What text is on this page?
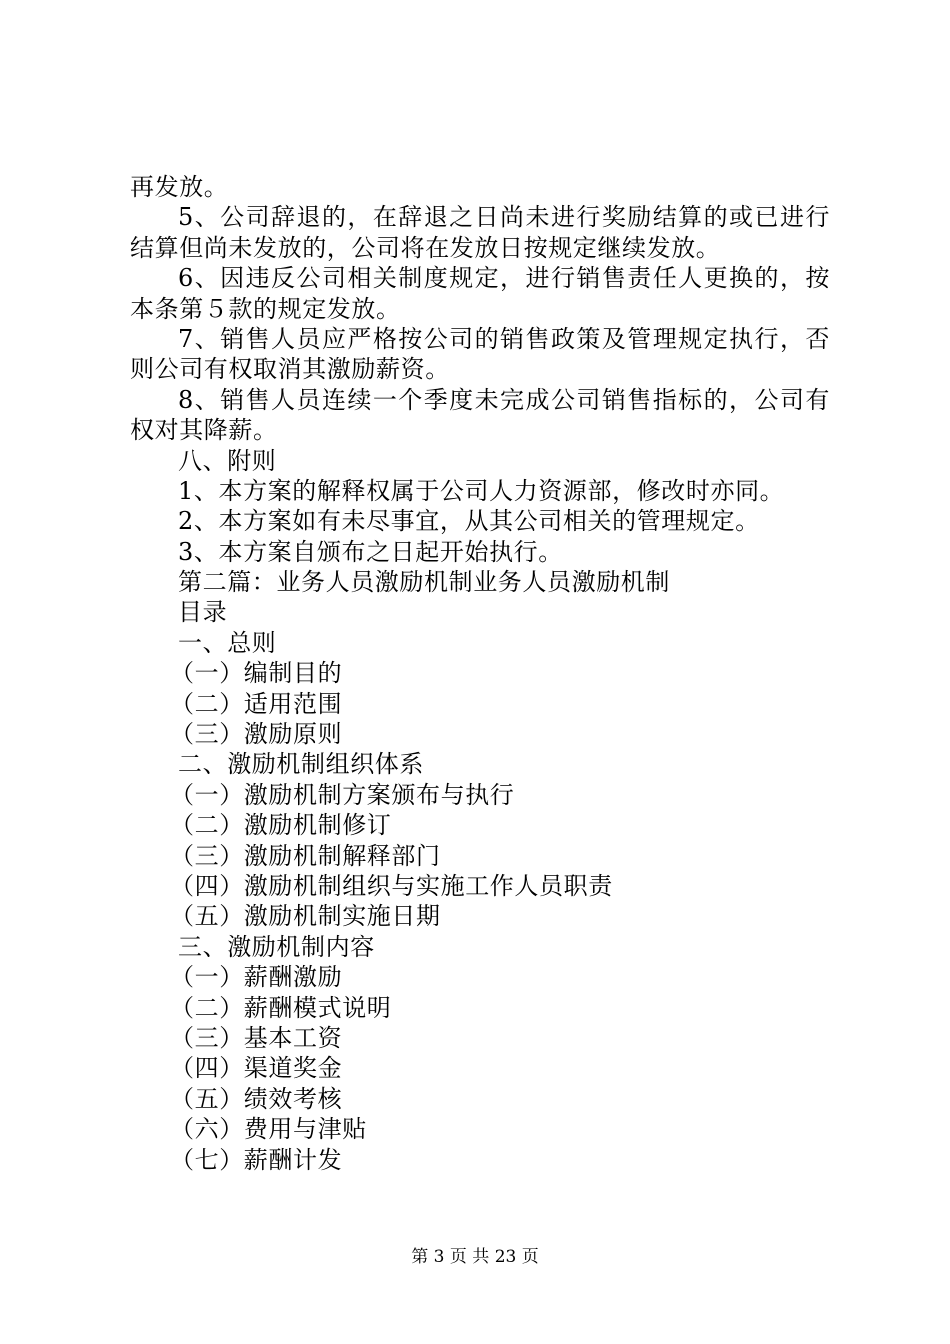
再发放。
5、公司辞退的，在辞退之日尚未进行奖励结算的或已进行
结算但尚未发放的，公司将在发放日按规定继续发放。
6、因违反公司相关制度规定，进行销售责任人更换的，按
本条第５款的规定发放。
7、销售人员应严格按公司的销售政策及管理规定执行，否
则公司有权取消其激励薪资。
8、销售人员连续一个季度未完成公司销售指标的，公司有
权对其降薪。
八、附则
1、本方案的解释权属于公司人力资源部，修改时亦同。
2、本方案如有未尽事宜，从其公司相关的管理规定。
3、本方案自颁布之日起开始执行。
第二篇：业务人员激励机制业务人员激励机制
目录
一、总则
（一）编制目的
（二）适用范围
（三）激励原则
二、激励机制组织体系
（一）激励机制方案颁布与执行
（二）激励机制修订
（三）激励机制解释部门
（四）激励机制组织与实施工作人员职责
（五）激励机制实施日期
三、激励机制内容
（一）薪酬激励
（二）薪酬模式说明
（三）基本工资
（四）渠道奖金
（五）绩效考核
（六）费用与津贴
（七）薪酬计发
第 3 页 共 23 页
